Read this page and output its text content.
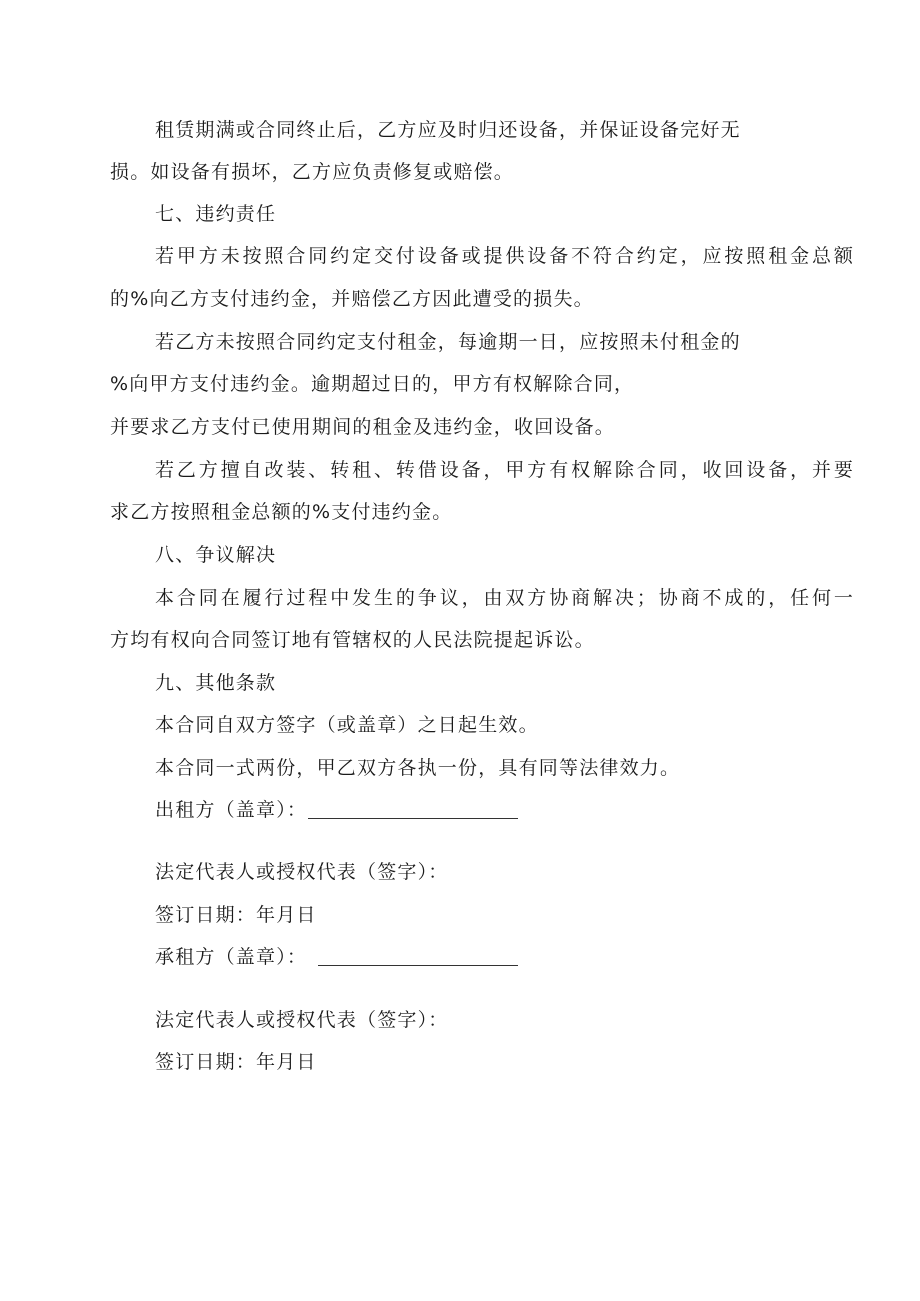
租赁期满或合同终止后，乙方应及时归还设备，并保证设备完好无
损。如设备有损坏，乙方应负责修复或赔偿。
七、违约责任
若甲方未按照合同约定交付设备或提供设备不符合约定，应按照租金总额
的%向乙方支付违约金，并赔偿乙方因此遭受的损失。
若乙方未按照合同约定支付租金，每逾期一日，应按照未付租金的
%向甲方支付违约金。逾期超过日的，甲方有权解除合同，
并要求乙方支付已使用期间的租金及违约金，收回设备。
若乙方擅自改装、转租、转借设备，甲方有权解除合同，收回设备，并要
求乙方按照租金总额的%支付违约金。
八、争议解决
本合同在履行过程中发生的争议，由双方协商解决；协商不成的，任何一
方均有权向合同签订地有管辖权的人民法院提起诉讼。
九、其他条款
本合同自双方签字（或盖章）之日起生效。
本合同一式两份，甲乙双方各执一份，具有同等法律效力。
出租方（盖章）：
法定代表人或授权代表（签字）：
签订日期：年月日
承租方（盖章）：
法定代表人或授权代表（签字）：
签订日期：年月日
